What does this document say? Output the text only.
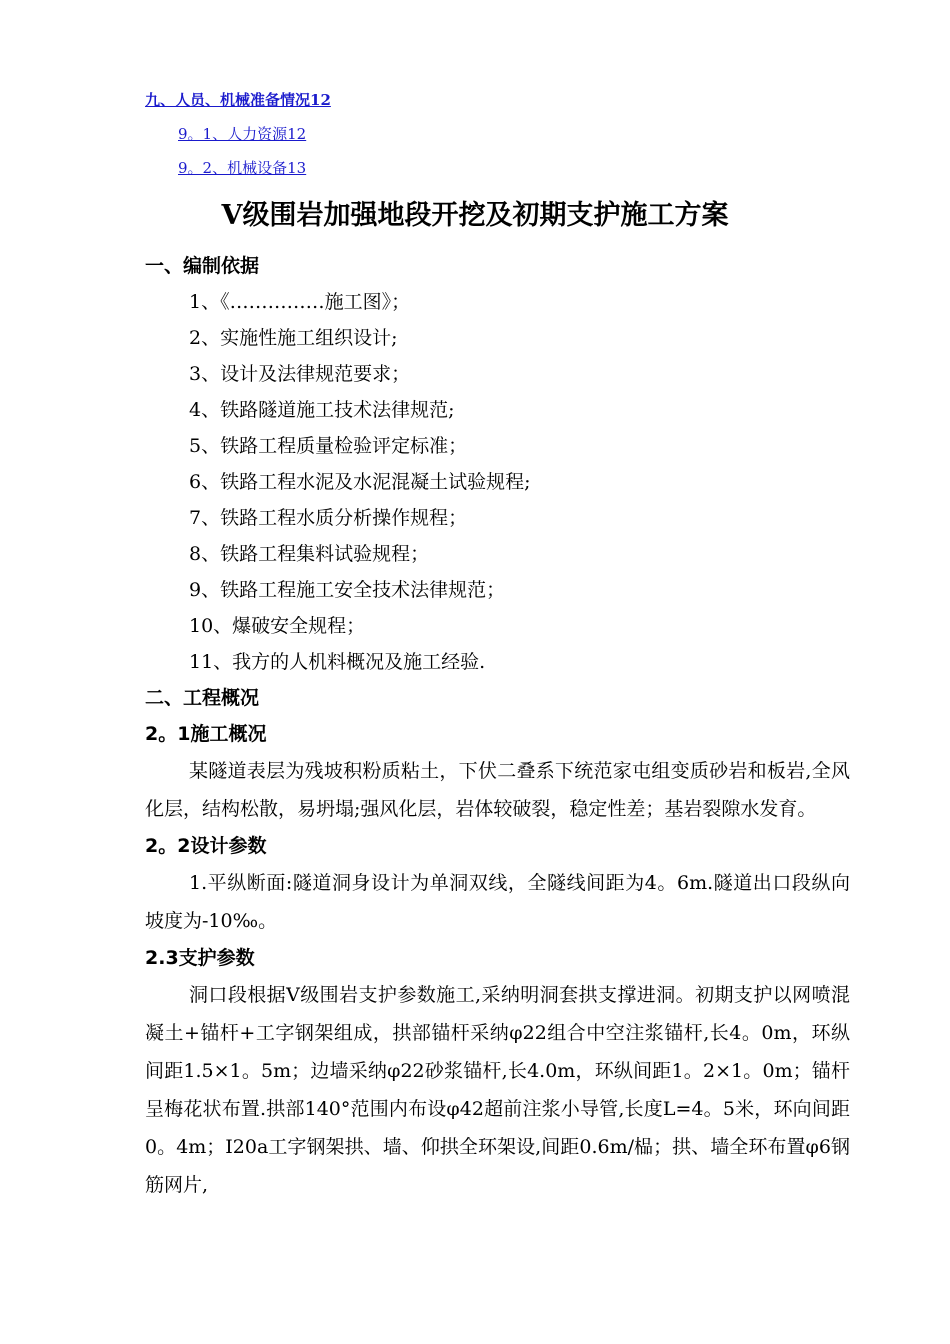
九、人员、机械准备情况12
9。1、人力资源12
9。2、机械设备13
Ⅴ级围岩加强地段开挖及初期支护施工方案
一、编制依据
1、《……………施工图》；
2、实施性施工组织设计;
3、设计及法律规范要求；
4、铁路隧道施工技术法律规范;
5、铁路工程质量检验评定标准；
6、铁路工程水泥及水泥混凝土试验规程;
7、铁路工程水质分析操作规程；
8、铁路工程集料试验规程；
9、铁路工程施工安全技术法律规范；
10、爆破安全规程；
11、我方的人机料概况及施工经验.
二、工程概况
2。1施工概况

某隧道表层为残坡积粉质粘土，下伏二叠系下统范家屯组变质砂岩和板岩,全风化层，结构松散，易坍塌;强风化层，岩体较破裂，稳定性差；基岩裂隙水发育。

2。2设计参数

1.平纵断面:隧道洞身设计为单洞双线，全隧线间距为4。6m.隧道出口段纵向坡度为-10‰。

2.3支护参数

洞口段根据Ⅴ级围岩支护参数施工,采纳明洞套拱支撑进洞。初期支护以网喷混凝土+锚杆+工字钢架组成，拱部锚杆采纳φ22组合中空注浆锚杆,长4。0m，环纵间距1.5×1。5m；边墙采纳φ22砂浆锚杆,长4.0m，环纵间距1。2×1。0m；锚杆呈梅花状布置.拱部140°范围内布设φ42超前注浆小导管,长度L=4。5米，环向间距0。4m；I20a工字钢架拱、墙、仰拱全环架设,间距0.6m/榀；拱、墙全环布置φ6钢筋网片,
